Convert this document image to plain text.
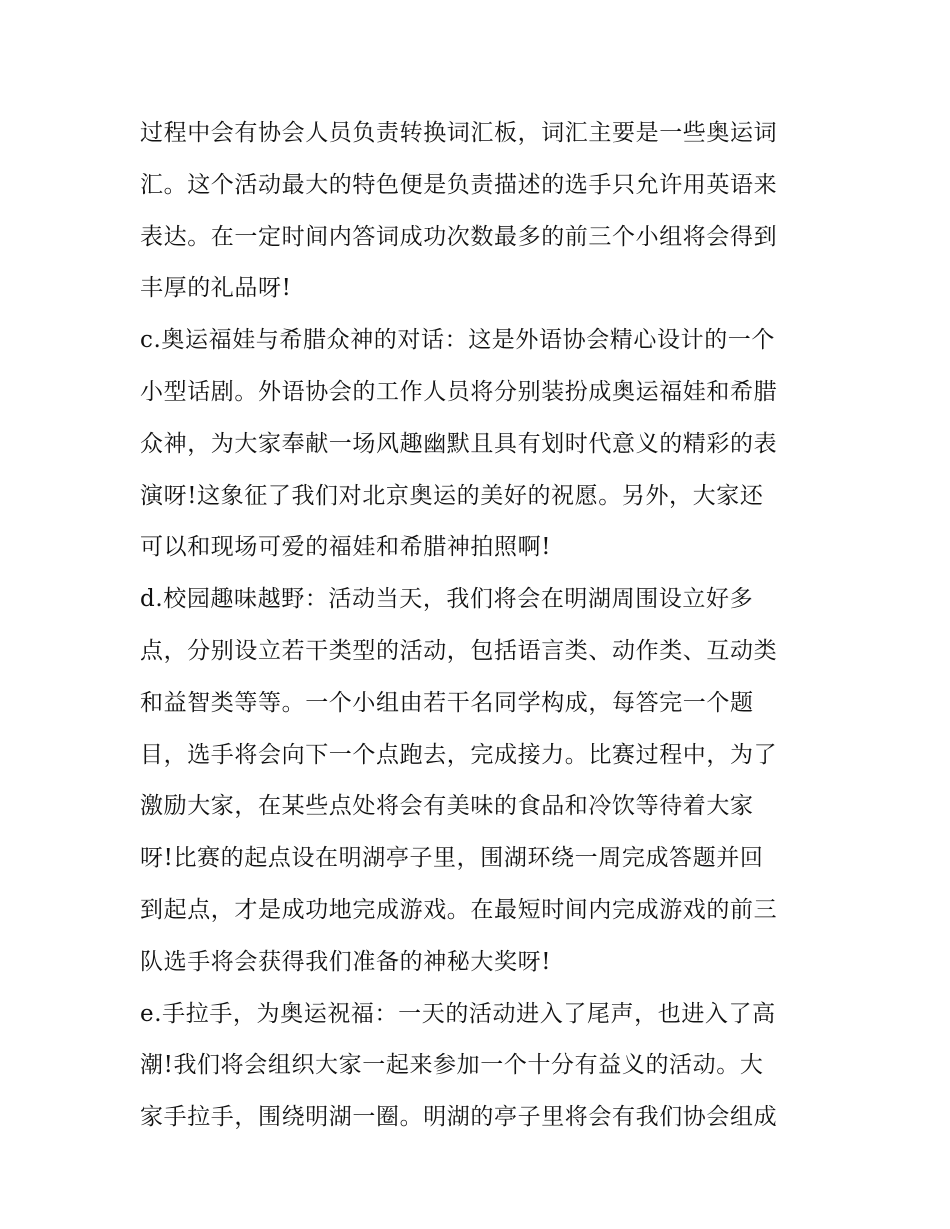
过程中会有协会人员负责转换词汇板，词汇主要是一些奥运词
汇。这个活动最大的特色便是负责描述的选手只允许用英语来
表达。在一定时间内答词成功次数最多的前三个小组将会得到
丰厚的礼品呀!
c.奥运福娃与希腊众神的对话：这是外语协会精心设计的一个
小型话剧。外语协会的工作人员将分别装扮成奥运福娃和希腊
众神，为大家奉献一场风趣幽默且具有划时代意义的精彩的表
演呀!这象征了我们对北京奥运的美好的祝愿。另外，大家还
可以和现场可爱的福娃和希腊神拍照啊!
d.校园趣味越野：活动当天，我们将会在明湖周围设立好多
点，分别设立若干类型的活动，包括语言类、动作类、互动类
和益智类等等。一个小组由若干名同学构成，每答完一个题
目，选手将会向下一个点跑去，完成接力。比赛过程中，为了
激励大家，在某些点处将会有美味的食品和冷饮等待着大家
呀!比赛的起点设在明湖亭子里，围湖环绕一周完成答题并回
到起点，才是成功地完成游戏。在最短时间内完成游戏的前三
队选手将会获得我们准备的神秘大奖呀!
e.手拉手，为奥运祝福：一天的活动进入了尾声，也进入了高
潮!我们将会组织大家一起来参加一个十分有益义的活动。大
家手拉手，围绕明湖一圈。明湖的亭子里将会有我们协会组成
